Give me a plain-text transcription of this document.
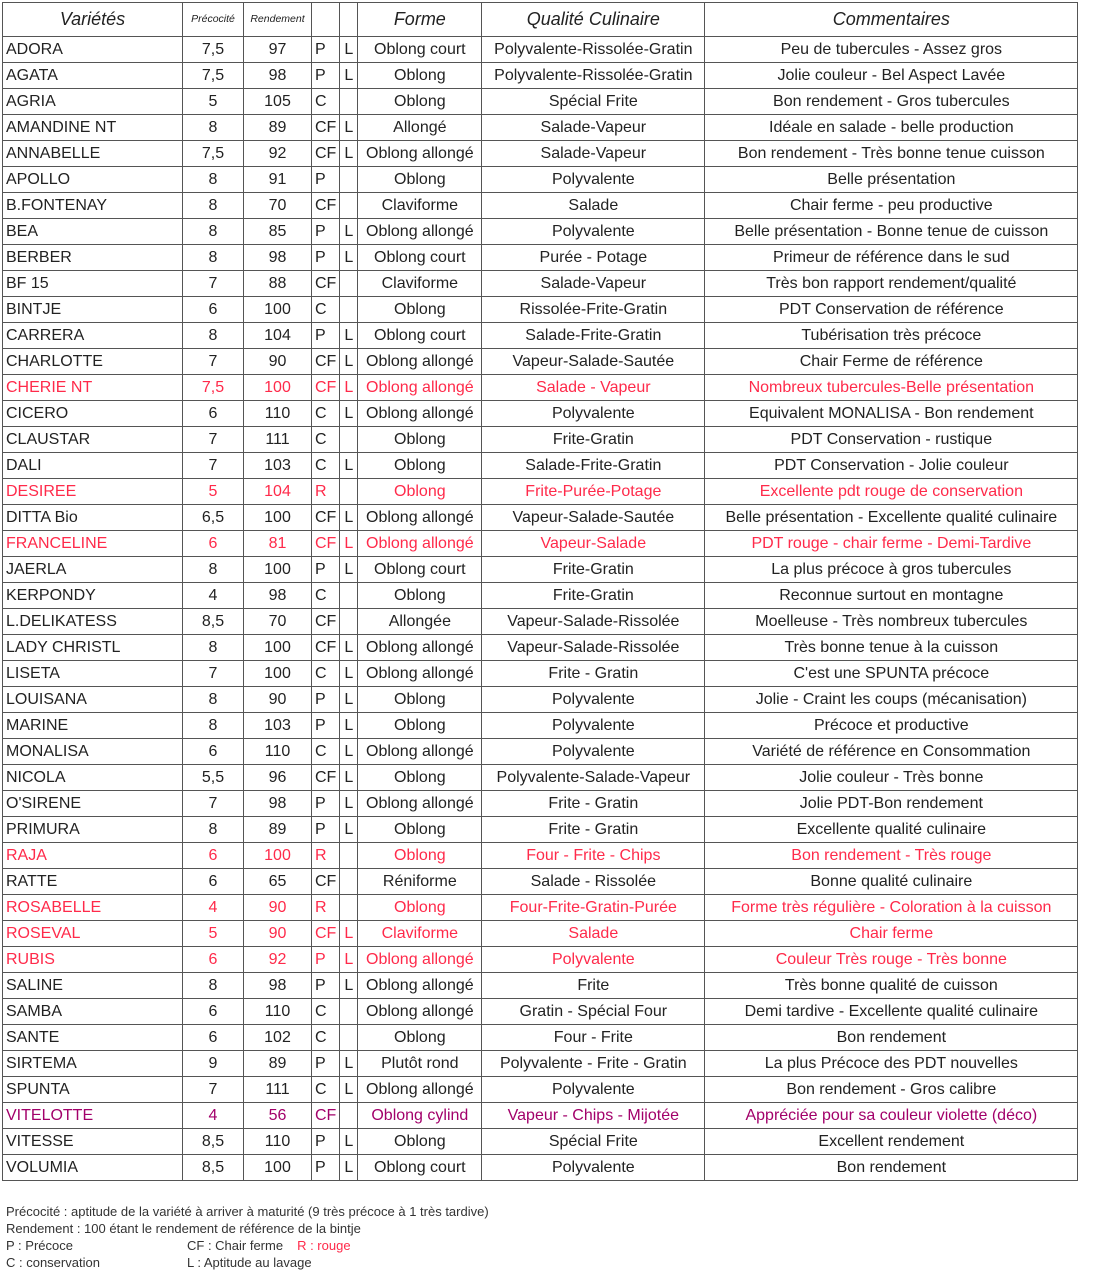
Variétés	Précocité	Rendement			Forme	Qualité Culinaire	Commentaires
ADORA	7,5	97	P	L	Oblong court	Polyvalente-Rissolée-Gratin	Peu de tubercules - Assez gros
AGATA	7,5	98	P	L	Oblong	Polyvalente-Rissolée-Gratin	Jolie couleur - Bel Aspect Lavée
AGRIA	5	105	C		Oblong	Spécial Frite	Bon rendement - Gros tubercules
AMANDINE NT	8	89	CF	L	Allongé	Salade-Vapeur	Idéale en salade - belle production
ANNABELLE	7,5	92	CF	L	Oblong allongé	Salade-Vapeur	Bon rendement - Très bonne tenue cuisson
APOLLO	8	91	P		Oblong	Polyvalente	Belle présentation
B.FONTENAY	8	70	CF		Claviforme	Salade	Chair ferme - peu productive
BEA	8	85	P	L	Oblong allongé	Polyvalente	Belle présentation - Bonne tenue de cuisson
BERBER	8	98	P	L	Oblong court	Purée - Potage	Primeur de référence dans le sud
BF 15	7	88	CF		Claviforme	Salade-Vapeur	Très bon rapport rendement/qualité
BINTJE	6	100	C		Oblong	Rissolée-Frite-Gratin	PDT Conservation de référence
CARRERA	8	104	P	L	Oblong court	Salade-Frite-Gratin	Tubérisation très précoce
CHARLOTTE	7	90	CF	L	Oblong allongé	Vapeur-Salade-Sautée	Chair Ferme de référence
CHERIE NT	7,5	100	CF	L	Oblong allongé	Salade - Vapeur	Nombreux tubercules-Belle présentation
CICERO	6	110	C	L	Oblong allongé	Polyvalente	Equivalent MONALISA - Bon rendement
CLAUSTAR	7	111	C		Oblong	Frite-Gratin	PDT Conservation - rustique
DALI	7	103	C	L	Oblong	Salade-Frite-Gratin	PDT Conservation - Jolie couleur
DESIREE	5	104	R		Oblong	Frite-Purée-Potage	Excellente pdt rouge de conservation
DITTA Bio	6,5	100	CF	L	Oblong allongé	Vapeur-Salade-Sautée	Belle présentation - Excellente qualité culinaire
FRANCELINE	6	81	CF	L	Oblong allongé	Vapeur-Salade	PDT rouge - chair ferme - Demi-Tardive
JAERLA	8	100	P	L	Oblong court	Frite-Gratin	La plus précoce à gros tubercules
KERPONDY	4	98	C		Oblong	Frite-Gratin	Reconnue surtout en montagne
L.DELIKATESS	8,5	70	CF		Allongée	Vapeur-Salade-Rissolée	Moelleuse - Très nombreux tubercules
LADY CHRISTL	8	100	CF	L	Oblong allongé	Vapeur-Salade-Rissolée	Très bonne tenue à la cuisson
LISETA	7	100	C	L	Oblong allongé	Frite - Gratin	C'est une SPUNTA précoce
LOUISANA	8	90	P	L	Oblong	Polyvalente	Jolie - Craint les coups (mécanisation)
MARINE	8	103	P	L	Oblong	Polyvalente	Précoce et productive
MONALISA	6	110	C	L	Oblong allongé	Polyvalente	Variété de référence en Consommation
NICOLA	5,5	96	CF	L	Oblong	Polyvalente-Salade-Vapeur	Jolie couleur - Très bonne
O'SIRENE	7	98	P	L	Oblong allongé	Frite - Gratin	Jolie PDT-Bon rendement
PRIMURA	8	89	P	L	Oblong	Frite - Gratin	Excellente qualité culinaire
RAJA	6	100	R		Oblong	Four - Frite - Chips	Bon rendement - Très rouge
RATTE	6	65	CF		Réniforme	Salade - Rissolée	Bonne qualité culinaire
ROSABELLE	4	90	R		Oblong	Four-Frite-Gratin-Purée	Forme très régulière - Coloration à la cuisson
ROSEVAL	5	90	CF	L	Claviforme	Salade	Chair ferme
RUBIS	6	92	P	L	Oblong allongé	Polyvalente	Couleur Très rouge - Très bonne
SALINE	8	98	P	L	Oblong allongé	Frite	Très bonne qualité de cuisson
SAMBA	6	110	C		Oblong allongé	Gratin - Spécial Four	Demi tardive - Excellente qualité culinaire
SANTE	6	102	C		Oblong	Four - Frite	Bon rendement
SIRTEMA	9	89	P	L	Plutôt rond	Polyvalente - Frite - Gratin	La plus Précoce des PDT nouvelles
SPUNTA	7	111	C	L	Oblong allongé	Polyvalente	Bon rendement - Gros calibre
VITELOTTE	4	56	CF		Oblong cylind	Vapeur - Chips - Mijotée	Appréciée pour sa couleur violette (déco)
VITESSE	8,5	110	P	L	Oblong	Spécial Frite	Excellent rendement
VOLUMIA	8,5	100	P	L	Oblong court	Polyvalente	Bon rendement
Précocité : aptitude de la variété à arriver à maturité (9 très précoce à 1 très tardive)
Rendement : 100 étant le rendement de référence de la bintje
P : Précoce	CF : Chair ferme R : rouge
C : conservation	L : Aptitude au lavage
